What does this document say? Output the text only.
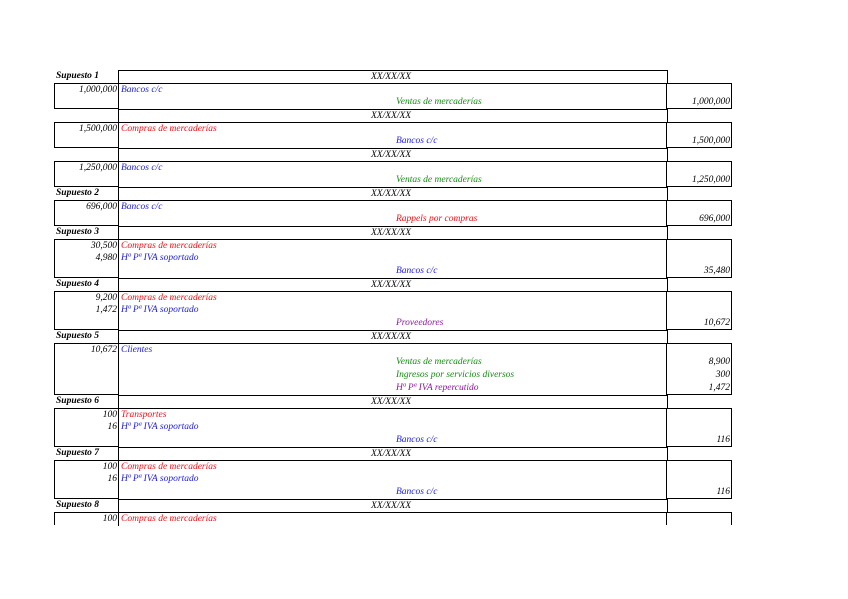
Supuesto 1	XX/XX/XX
1,000,000 Bancos c/c
Ventas de mercaderías	1,000,000
XX/XX/XX
1,500,000 Compras de mercaderías
Bancos c/c	1,500,000
XX/XX/XX
1,250,000 Bancos c/c
Ventas de mercaderías	1,250,000
Supuesto 2	XX/XX/XX
696,000 Bancos c/c
Rappels por compras	696,000
Supuesto 3	XX/XX/XX
30,500 Compras de mercaderías
4,980 Hª Pª IVA soportado
Bancos c/c	35,480
Supuesto 4	XX/XX/XX
9,200 Compras de mercaderías
1,472 Hª Pª IVA soportado
Proveedores	10,672
Supuesto 5	XX/XX/XX
10,672 Clientes
Ventas de mercaderías	8,900
Ingresos por servicios diversos	300
Hª Pª IVA repercutido	1,472
Supuesto 6	XX/XX/XX
100 Transportes
16 Hª Pª IVA soportado
Bancos c/c	116
Supuesto 7	XX/XX/XX
100 Compras de mercaderías
16 Hª Pª IVA soportado
Bancos c/c	116
Supuesto 8	XX/XX/XX
100 Compras de mercaderías
